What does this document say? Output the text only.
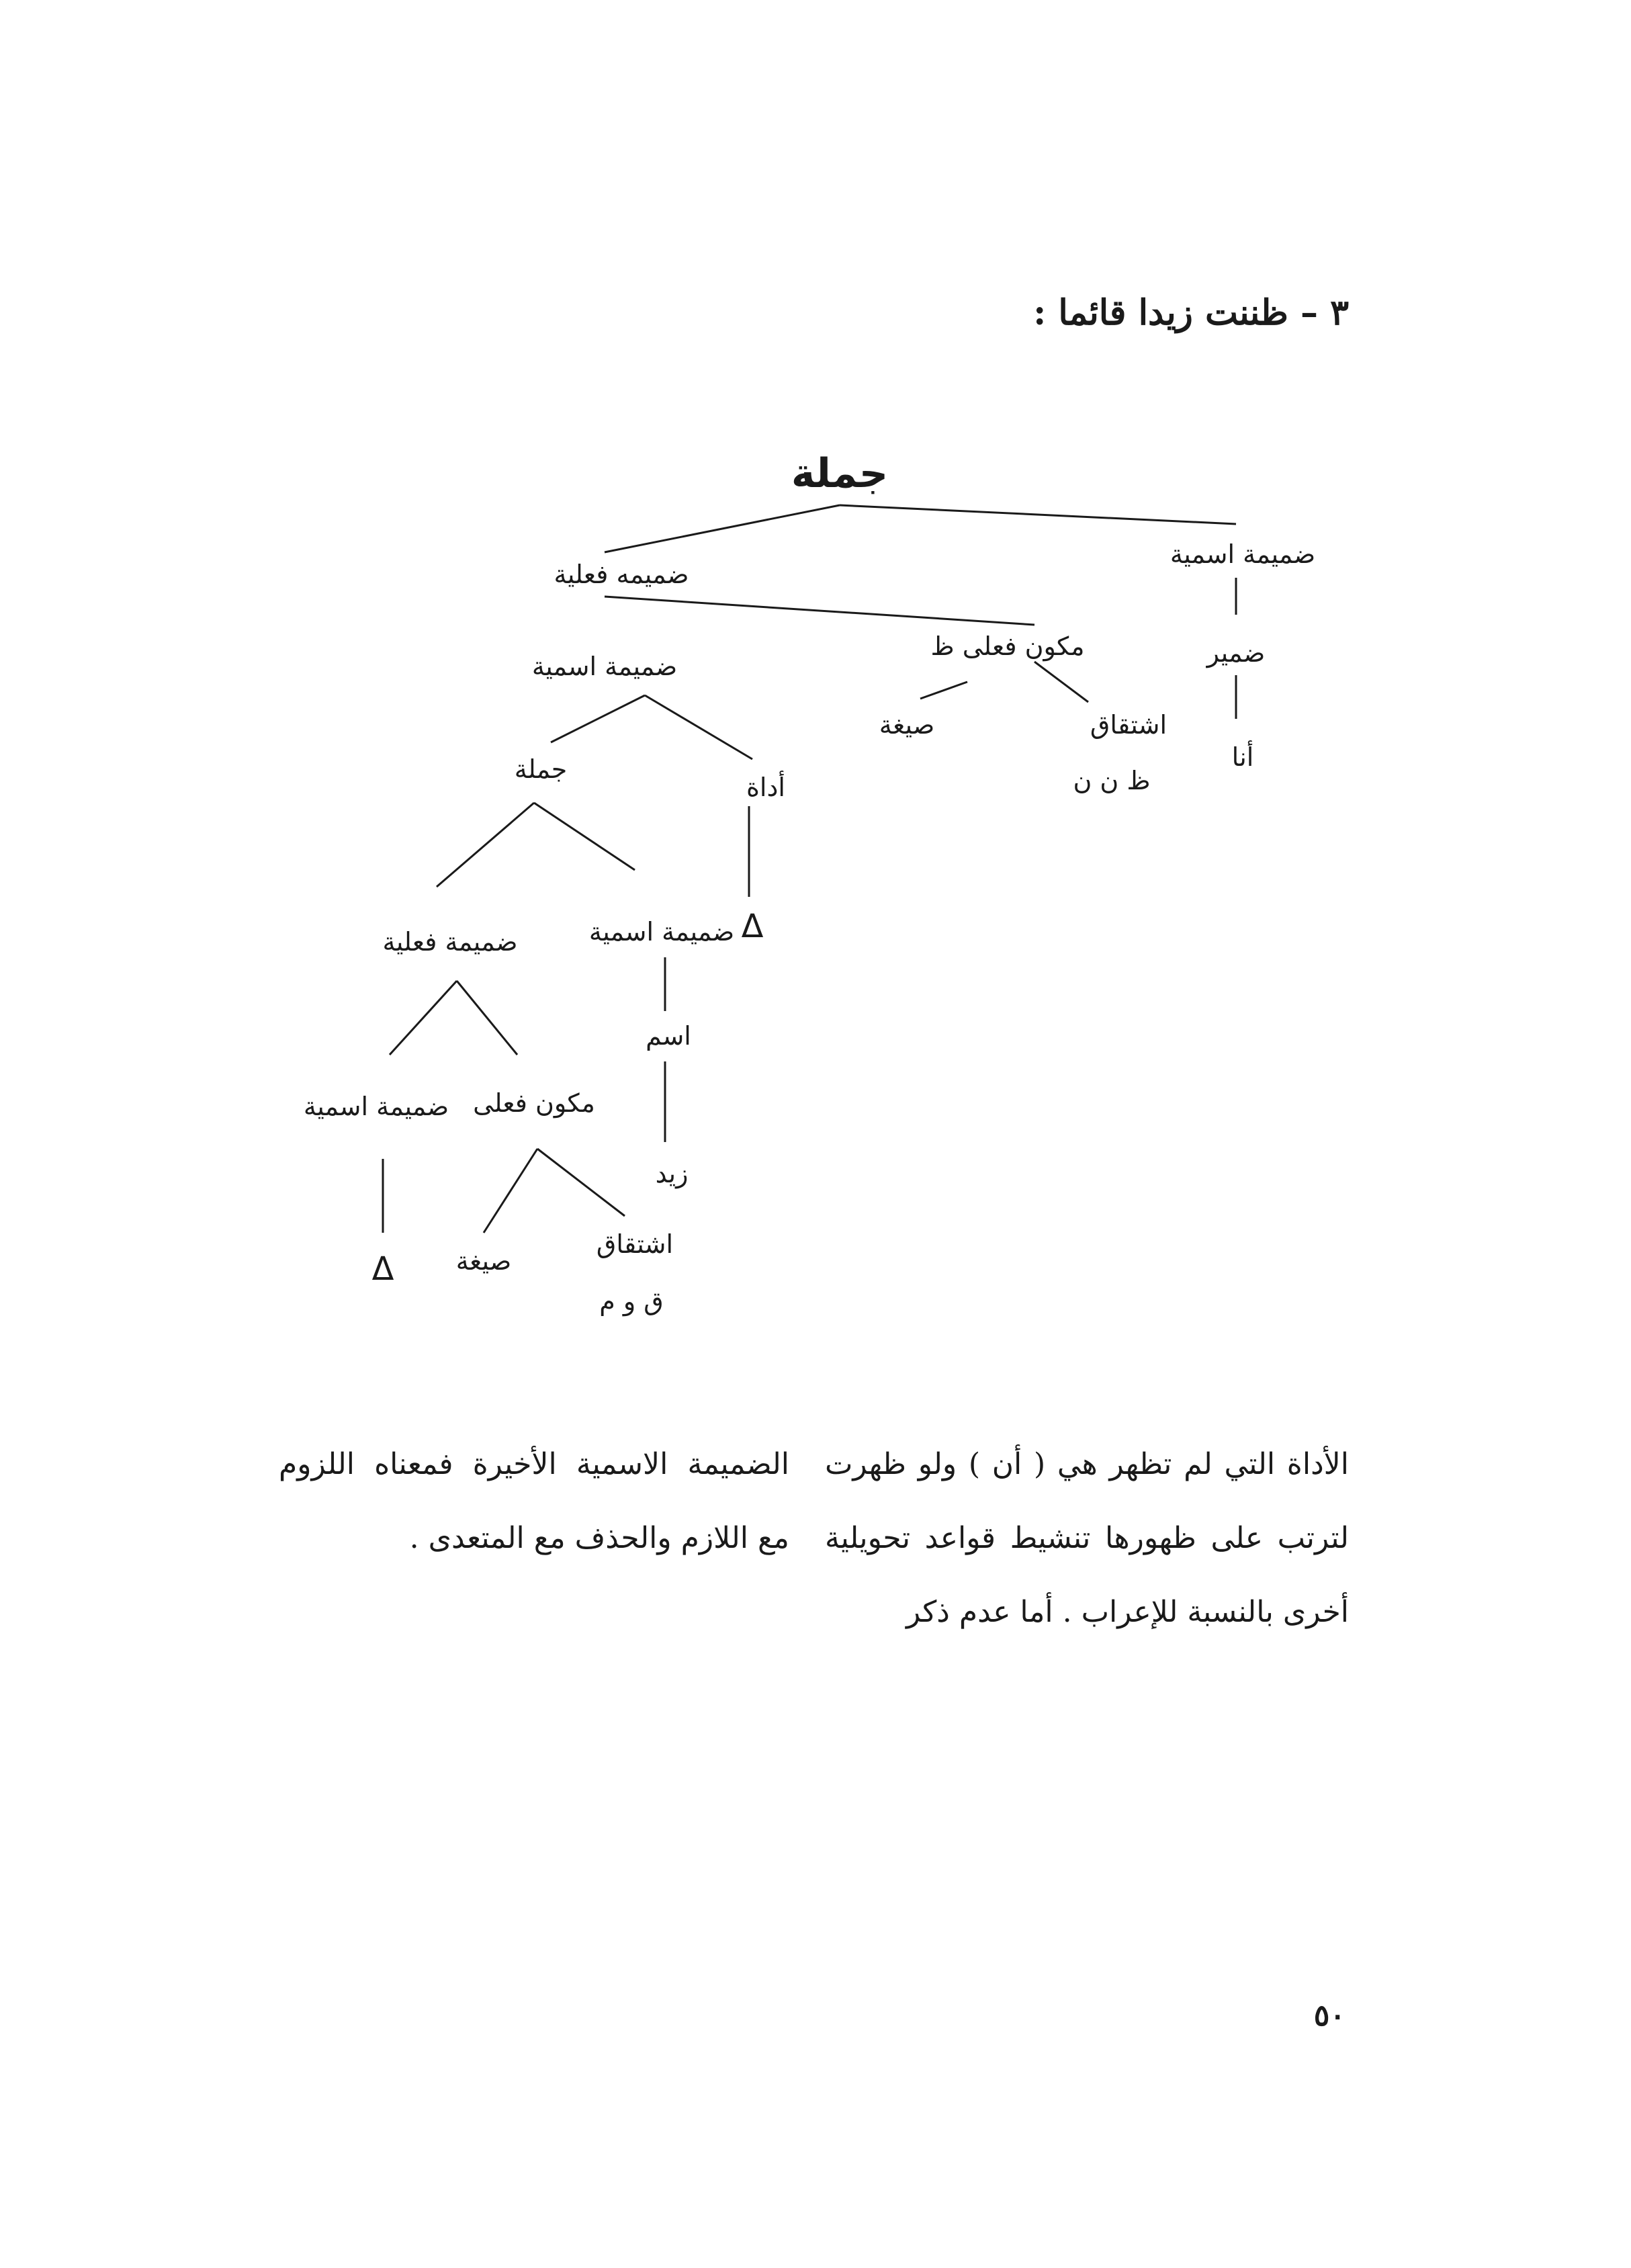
٣ – ظننت زيدا قائما :
جملة
ضميمة اسمية
ضمير
أنا
ضميمه فعلية
مكون فعلى ظ
صيغة	اشتقاق
ظ ن ن
ضميمة اسمية
أداة
Δ
جملة
ضميمة فعلية	ضميمة اسمية
اسم
زيد
ضميمة اسمية
Δ
مكون فعلى
صيغة
اشتقاق
ق و م
الأداة التي لم تظهر هي ( أن ) ولو ظهرت لترتب على ظهورها تنشيط قواعد تحويلية أخرى بالنسبة للإعراب . أما عدم ذكر
الضميمة الاسمية الأخيرة فمعناه اللزوم مع اللازم والحذف مع المتعدى .
٥٠
